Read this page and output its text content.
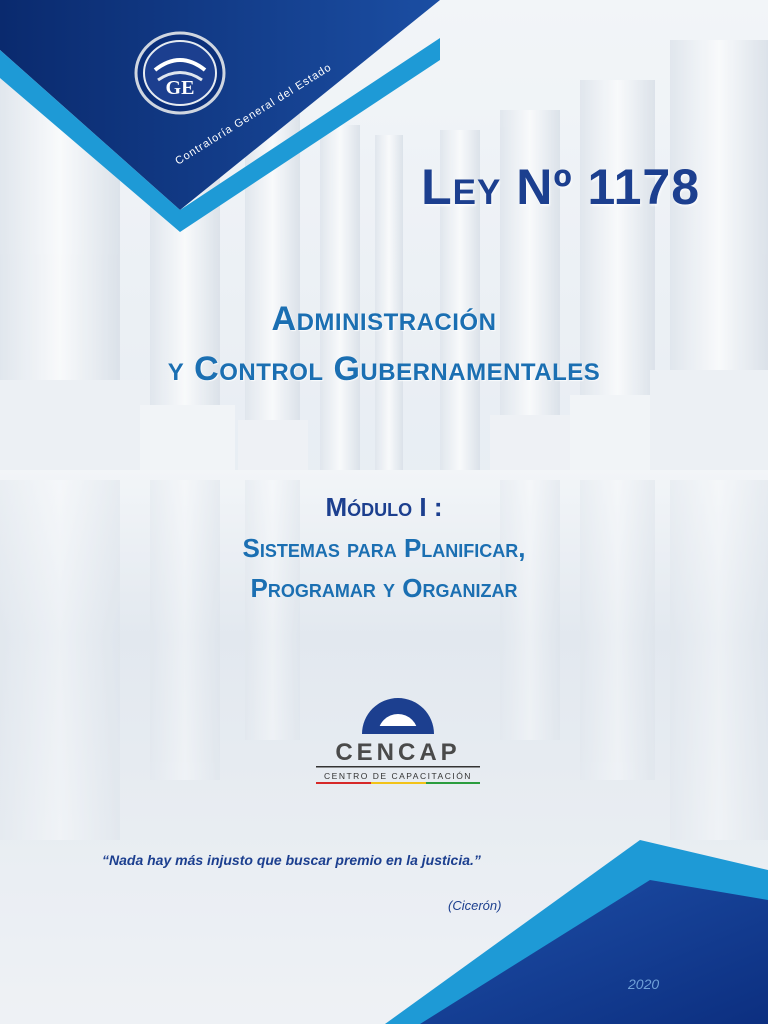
Contraloría General del Estado
GE
Ley Nº 1178

Administración

y Control Gubernamentales

Módulo I :

Sistemas para Planificar,

Programar y Organizar

CENCAP
CENTRO DE CAPACITACIÓN

“Nada hay más injusto que buscar premio en la justicia.”

(Cicerón)

2020
